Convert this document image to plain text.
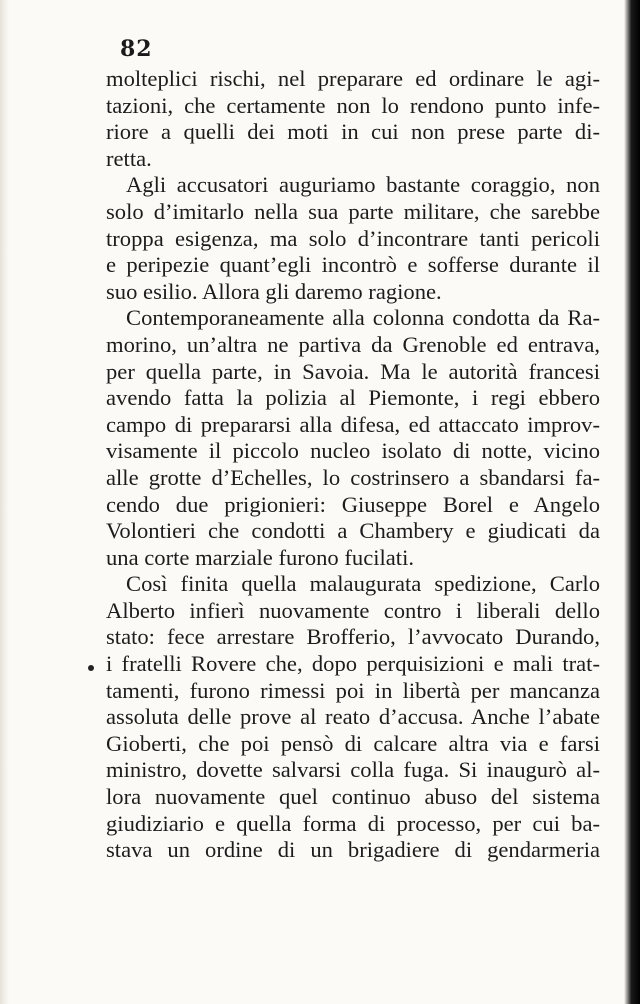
82
molteplici rischi, nel preparare ed ordinare le agi-
tazioni, che certamente non lo rendono punto infe-
riore a quelli dei moti in cui non prese parte di-
retta.
Agli accusatori auguriamo bastante coraggio, non
solo d’imitarlo nella sua parte militare, che sarebbe
troppa esigenza, ma solo d’incontrare tanti pericoli
e peripezie quant’egli incontrò e sofferse durante il
suo esilio. Allora gli daremo ragione.
Contemporaneamente alla colonna condotta da Ra-
morino, un’altra ne partiva da Grenoble ed entrava,
per quella parte, in Savoia. Ma le autorità francesi
avendo fatta la polizia al Piemonte, i regi ebbero
campo di prepararsi alla difesa, ed attaccato improv-
visamente il piccolo nucleo isolato di notte, vicino
alle grotte d’Echelles, lo costrinsero a sbandarsi fa-
cendo due prigionieri: Giuseppe Borel e Angelo
Volontieri che condotti a Chambery e giudicati da
una corte marziale furono fucilati.
Così finita quella malaugurata spedizione, Carlo
Alberto infierì nuovamente contro i liberali dello
stato: fece arrestare Brofferio, l’avvocato Durando,
i fratelli Rovere che, dopo perquisizioni e mali trat-
tamenti, furono rimessi poi in libertà per mancanza
assoluta delle prove al reato d’accusa. Anche l’abate
Gioberti, che poi pensò di calcare altra via e farsi
ministro, dovette salvarsi colla fuga. Si inaugurò al-
lora nuovamente quel continuo abuso del sistema
giudiziario e quella forma di processo, per cui ba-
stava un ordine di un brigadiere di gendarmeria
